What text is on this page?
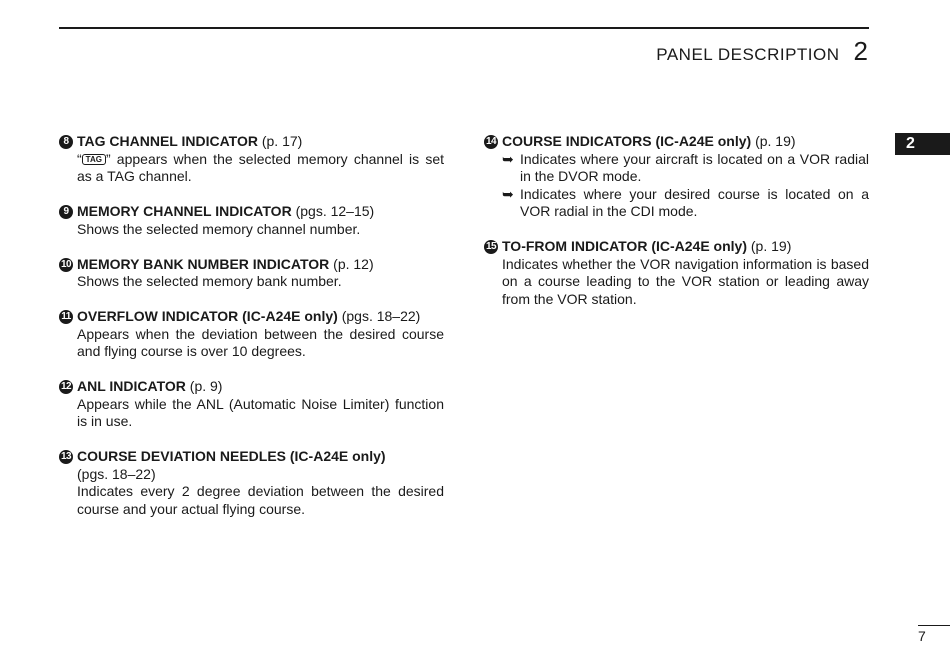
PANEL DESCRIPTION 2
2
8 TAG CHANNEL INDICATOR (p. 17)
“ TAG ” appears when the selected memory channel is set as a TAG channel.
9 MEMORY CHANNEL INDICATOR (pgs. 12–15)
Shows the selected memory channel number.
10 MEMORY BANK NUMBER INDICATOR (p. 12)
Shows the selected memory bank number.
11 OVERFLOW INDICATOR (IC-A24E only) (pgs. 18–22)
Appears when the deviation between the desired course and flying course is over 10 degrees.
12 ANL INDICATOR (p. 9)
Appears while the ANL (Automatic Noise Limiter) function is in use.
13 COURSE DEVIATION NEEDLES (IC-A24E only)
(pgs. 18–22)
Indicates every 2 degree deviation between the desired course and your actual flying course.
14 COURSE INDICATORS (IC-A24E only) (p. 19)
➥ Indicates where your aircraft is located on a VOR radial in the DVOR mode.
➥ Indicates where your desired course is located on a VOR radial in the CDI mode.
15 TO-FROM INDICATOR (IC-A24E only) (p. 19)
Indicates whether the VOR navigation information is based on a course leading to the VOR station or leading away from the VOR station.
7
